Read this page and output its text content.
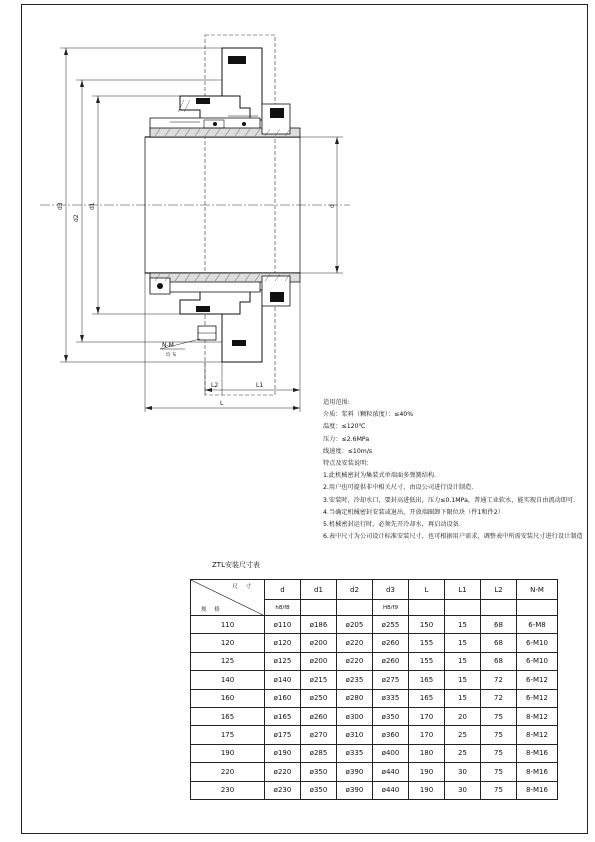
d3
d2
d1	d
L2	L1
L
N-M
均 布
适用范围:
介质：浆料（颗粒浓度）：≤40%
温度：≤120℃
压力：≤2.6MPa
线速度：≤10m/s
特点及安装说明：
1.此机械密封为集装式单端面多弹簧结构.
2.用户也可提供非中相关尺寸，由设公司进行设计制造.
3.安装时，冷却水口，要封高进低出，压力≤0.1MPa，普通工业软水，能实现自由流动即可.
4.当确定机械密封安装或退出，开放端圈卸下限位块（件1和件2）
5.机械密封运行时，必须先开冷却水，再启动设备.
6.表中尺寸为公司设计标准安装尺寸，也可根据用户需求，调整表中所需安装尺寸进行设计制造
ZTL安装尺寸表
尺 寸
规 格	d	d1	d2	d3	L	L1	L2	N-M
	h8/f8			H8/f9				
110	ø110	ø186	ø205	ø255	150	15	68	6-M8
120	ø120	ø200	ø220	ø260	155	15	68	6-M10
125	ø125	ø200	ø220	ø260	155	15	68	6-M10
140	ø140	ø215	ø235	ø275	165	15	72	6-M12
160	ø160	ø250	ø280	ø335	165	15	72	6-M12
165	ø165	ø260	ø300	ø350	170	20	75	8-M12
175	ø175	ø270	ø310	ø360	170	25	75	8-M12
190	ø190	ø285	ø335	ø400	180	25	75	8-M16
220	ø220	ø350	ø390	ø440	190	30	75	8-M16
230	ø230	ø350	ø390	ø440	190	30	75	8-M16
